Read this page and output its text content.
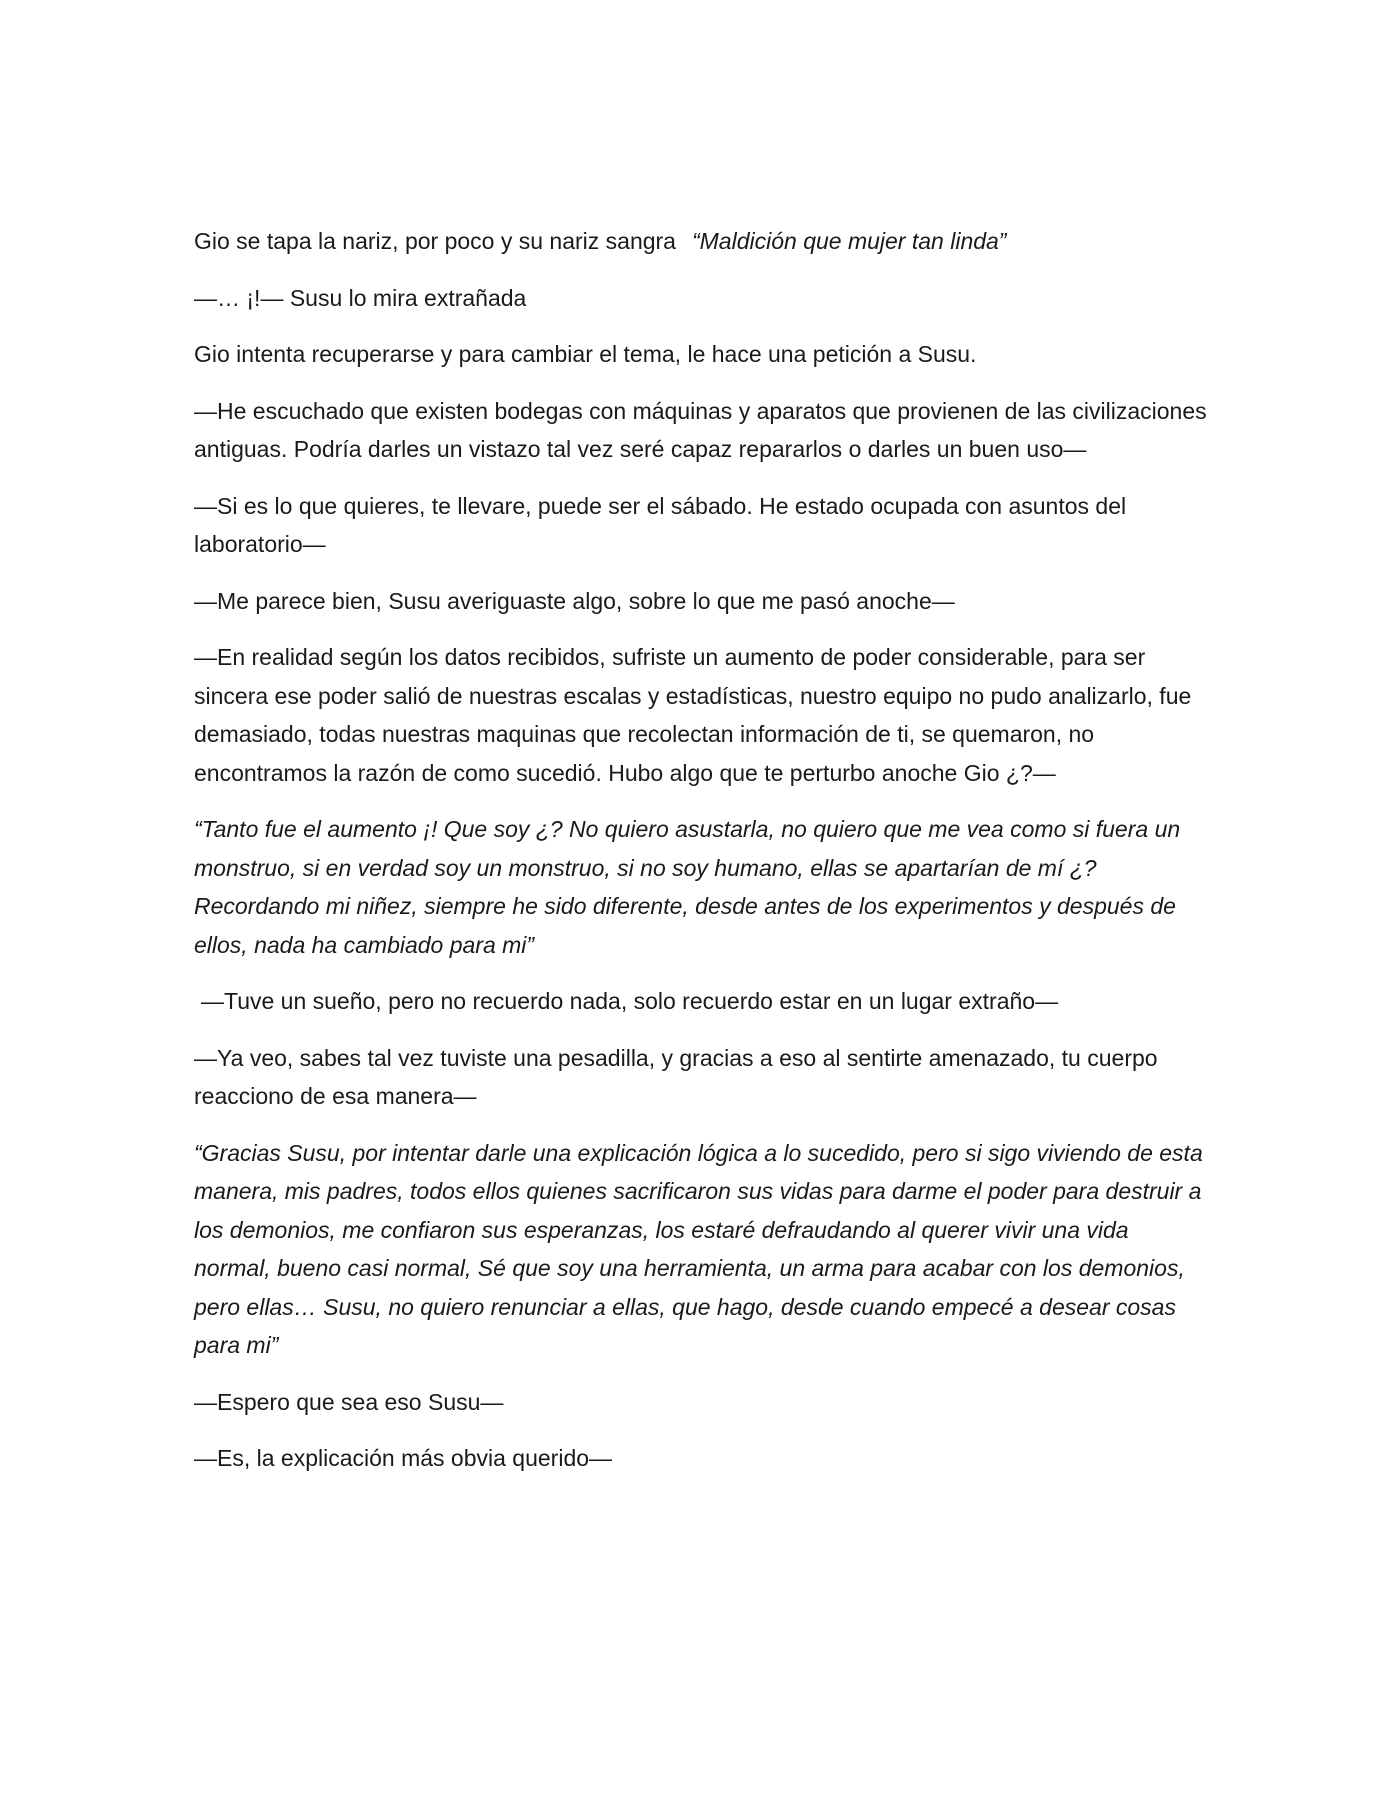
Gio se tapa la nariz, por poco y su nariz sangra “Maldición que mujer tan linda”

—… ¡!— Susu lo mira extrañada

Gio intenta recuperarse y para cambiar el tema, le hace una petición a Susu.

—He escuchado que existen bodegas con máquinas y aparatos que provienen de las civilizaciones antiguas. Podría darles un vistazo tal vez seré capaz repararlos o darles un buen uso—

—Si es lo que quieres, te llevare, puede ser el sábado. He estado ocupada con asuntos del laboratorio—

—Me parece bien, Susu averiguaste algo, sobre lo que me pasó anoche—

—En realidad según los datos recibidos, sufriste un aumento de poder considerable, para ser sincera ese poder salió de nuestras escalas y estadísticas, nuestro equipo no pudo analizarlo, fue demasiado, todas nuestras maquinas que recolectan información de ti, se quemaron, no encontramos la razón de como sucedió. Hubo algo que te perturbo anoche Gio ¿?—

“Tanto fue el aumento ¡! Que soy ¿? No quiero asustarla, no quiero que me vea como si fuera un monstruo, si en verdad soy un monstruo, si no soy humano, ellas se apartarían de mí ¿? Recordando mi niñez, siempre he sido diferente, desde antes de los experimentos y después de ellos, nada ha cambiado para mi”

—Tuve un sueño, pero no recuerdo nada, solo recuerdo estar en un lugar extraño—

—Ya veo, sabes tal vez tuviste una pesadilla, y gracias a eso al sentirte amenazado, tu cuerpo reacciono de esa manera—

“Gracias Susu, por intentar darle una explicación lógica a lo sucedido, pero si sigo viviendo de esta manera, mis padres, todos ellos quienes sacrificaron sus vidas para darme el poder para destruir a los demonios, me confiaron sus esperanzas, los estaré defraudando al querer vivir una vida normal, bueno casi normal, Sé que soy una herramienta, un arma para acabar con los demonios, pero ellas… Susu, no quiero renunciar a ellas, que hago, desde cuando empecé a desear cosas para mi”

—Espero que sea eso Susu—

—Es, la explicación más obvia querido—
